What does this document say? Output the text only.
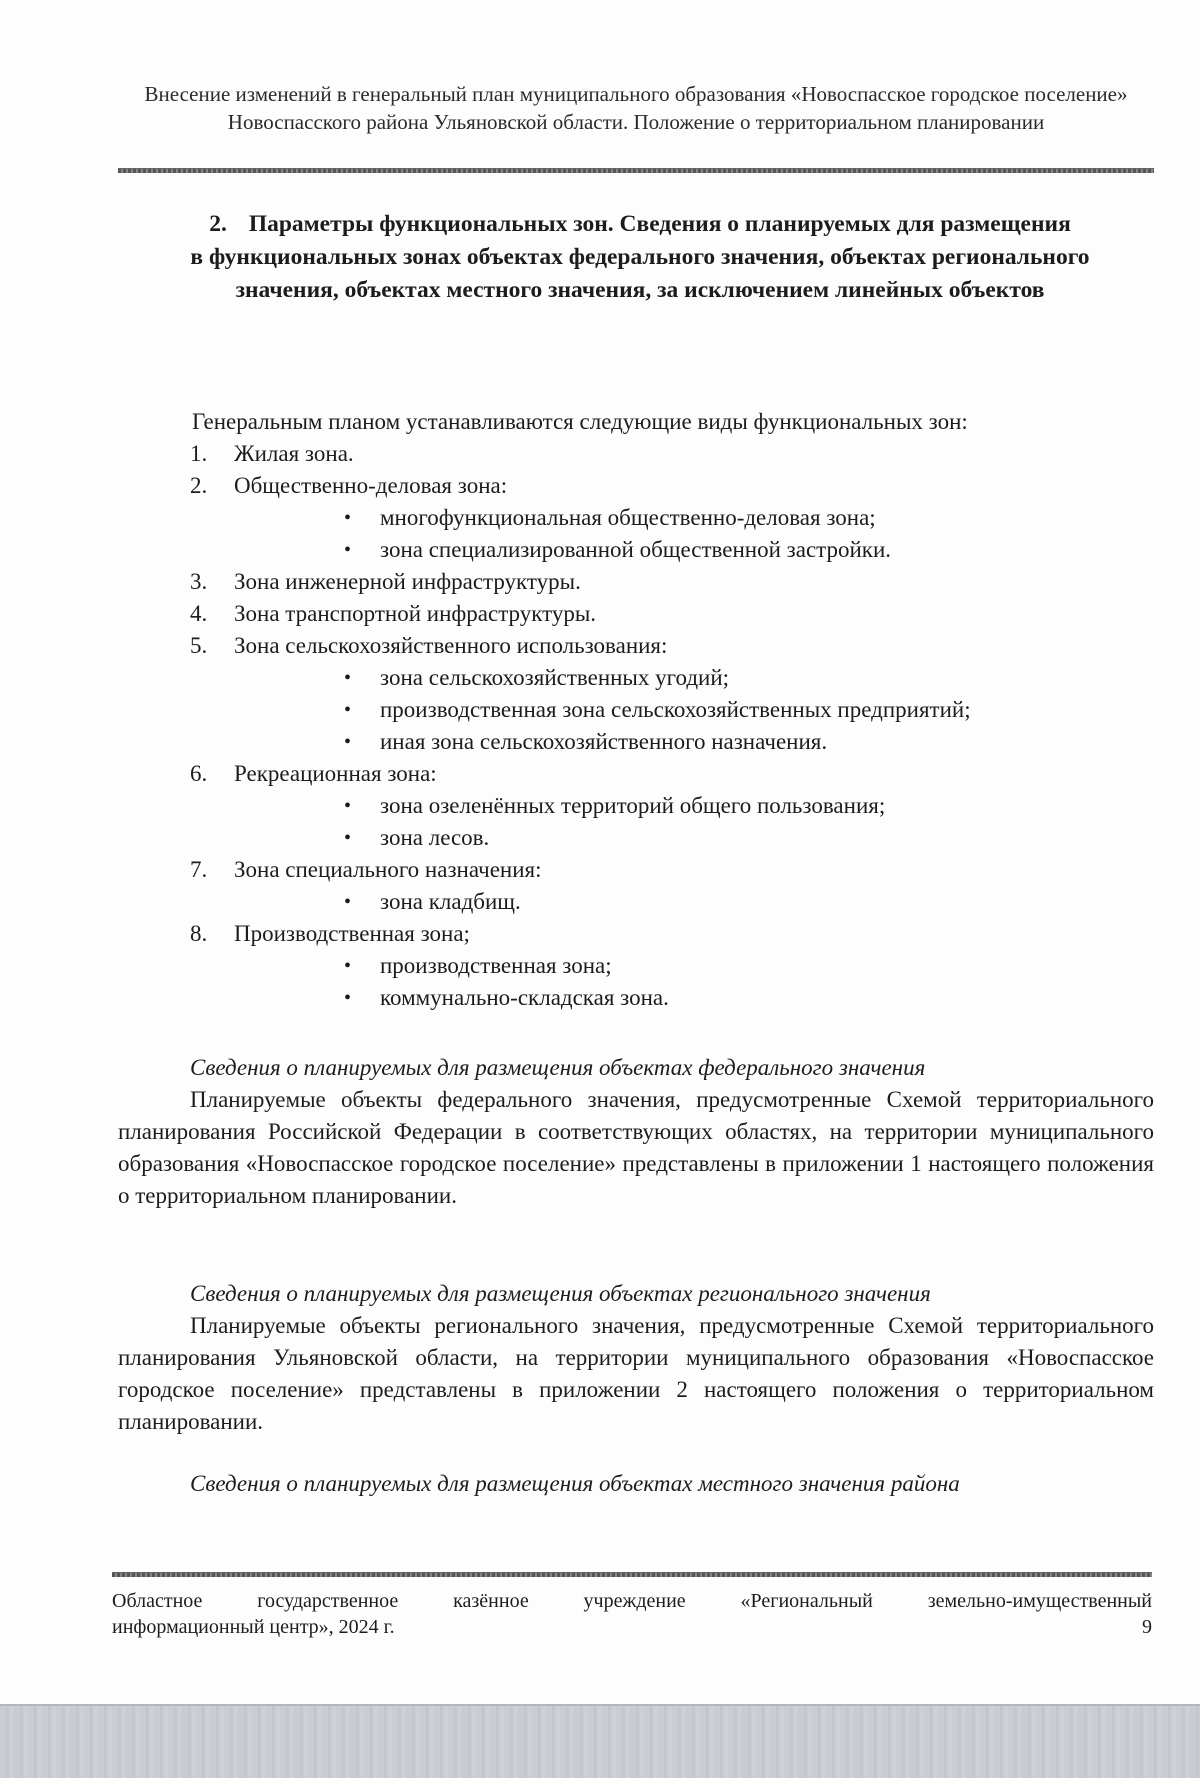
Внесение изменений в генеральный план муниципального образования «Новоспасское городское поселение» Новоспасского района Ульяновской области. Положение о территориальном планировании
2. Параметры функциональных зон. Сведения о планируемых для размещения
в функциональных зонах объектах федерального значения, объектах регионального значения, объектах местного значения, за исключением линейных объектов
Генеральным планом устанавливаются следующие виды функциональных зон:
1. Жилая зона.
2. Общественно-деловая зона:
• многофункциональная общественно-деловая зона;
• зона специализированной общественной застройки.
3. Зона инженерной инфраструктуры.
4. Зона транспортной инфраструктуры.
5. Зона сельскохозяйственного использования:
• зона сельскохозяйственных угодий;
• производственная зона сельскохозяйственных предприятий;
• иная зона сельскохозяйственного назначения.
6. Рекреационная зона:
• зона озеленённых территорий общего пользования;
• зона лесов.
7. Зона специального назначения:
• зона кладбищ.
8. Производственная зона;
• производственная зона;
• коммунально-складская зона.
Сведения о планируемых для размещения объектах федерального значения
Планируемые объекты федерального значения, предусмотренные Схемой территориального планирования Российской Федерации в соответствующих областях, на территории муниципального образования «Новоспасское городское поселение» представлены в приложении 1 настоящего положения
о территориальном планировании.
Сведения о планируемых для размещения объектах регионального значения
Планируемые объекты регионального значения, предусмотренные Схемой территориального планирования Ульяновской области, на территории муниципального образования «Новоспасское городское поселение» представлены в приложении 2 настоящего положения о территориальном планировании.
Сведения о планируемых для размещения объектах местного значения района
Областное государственное казённое учреждение «Региональный земельно-имущественный
информационный центр», 2024 г.	9
